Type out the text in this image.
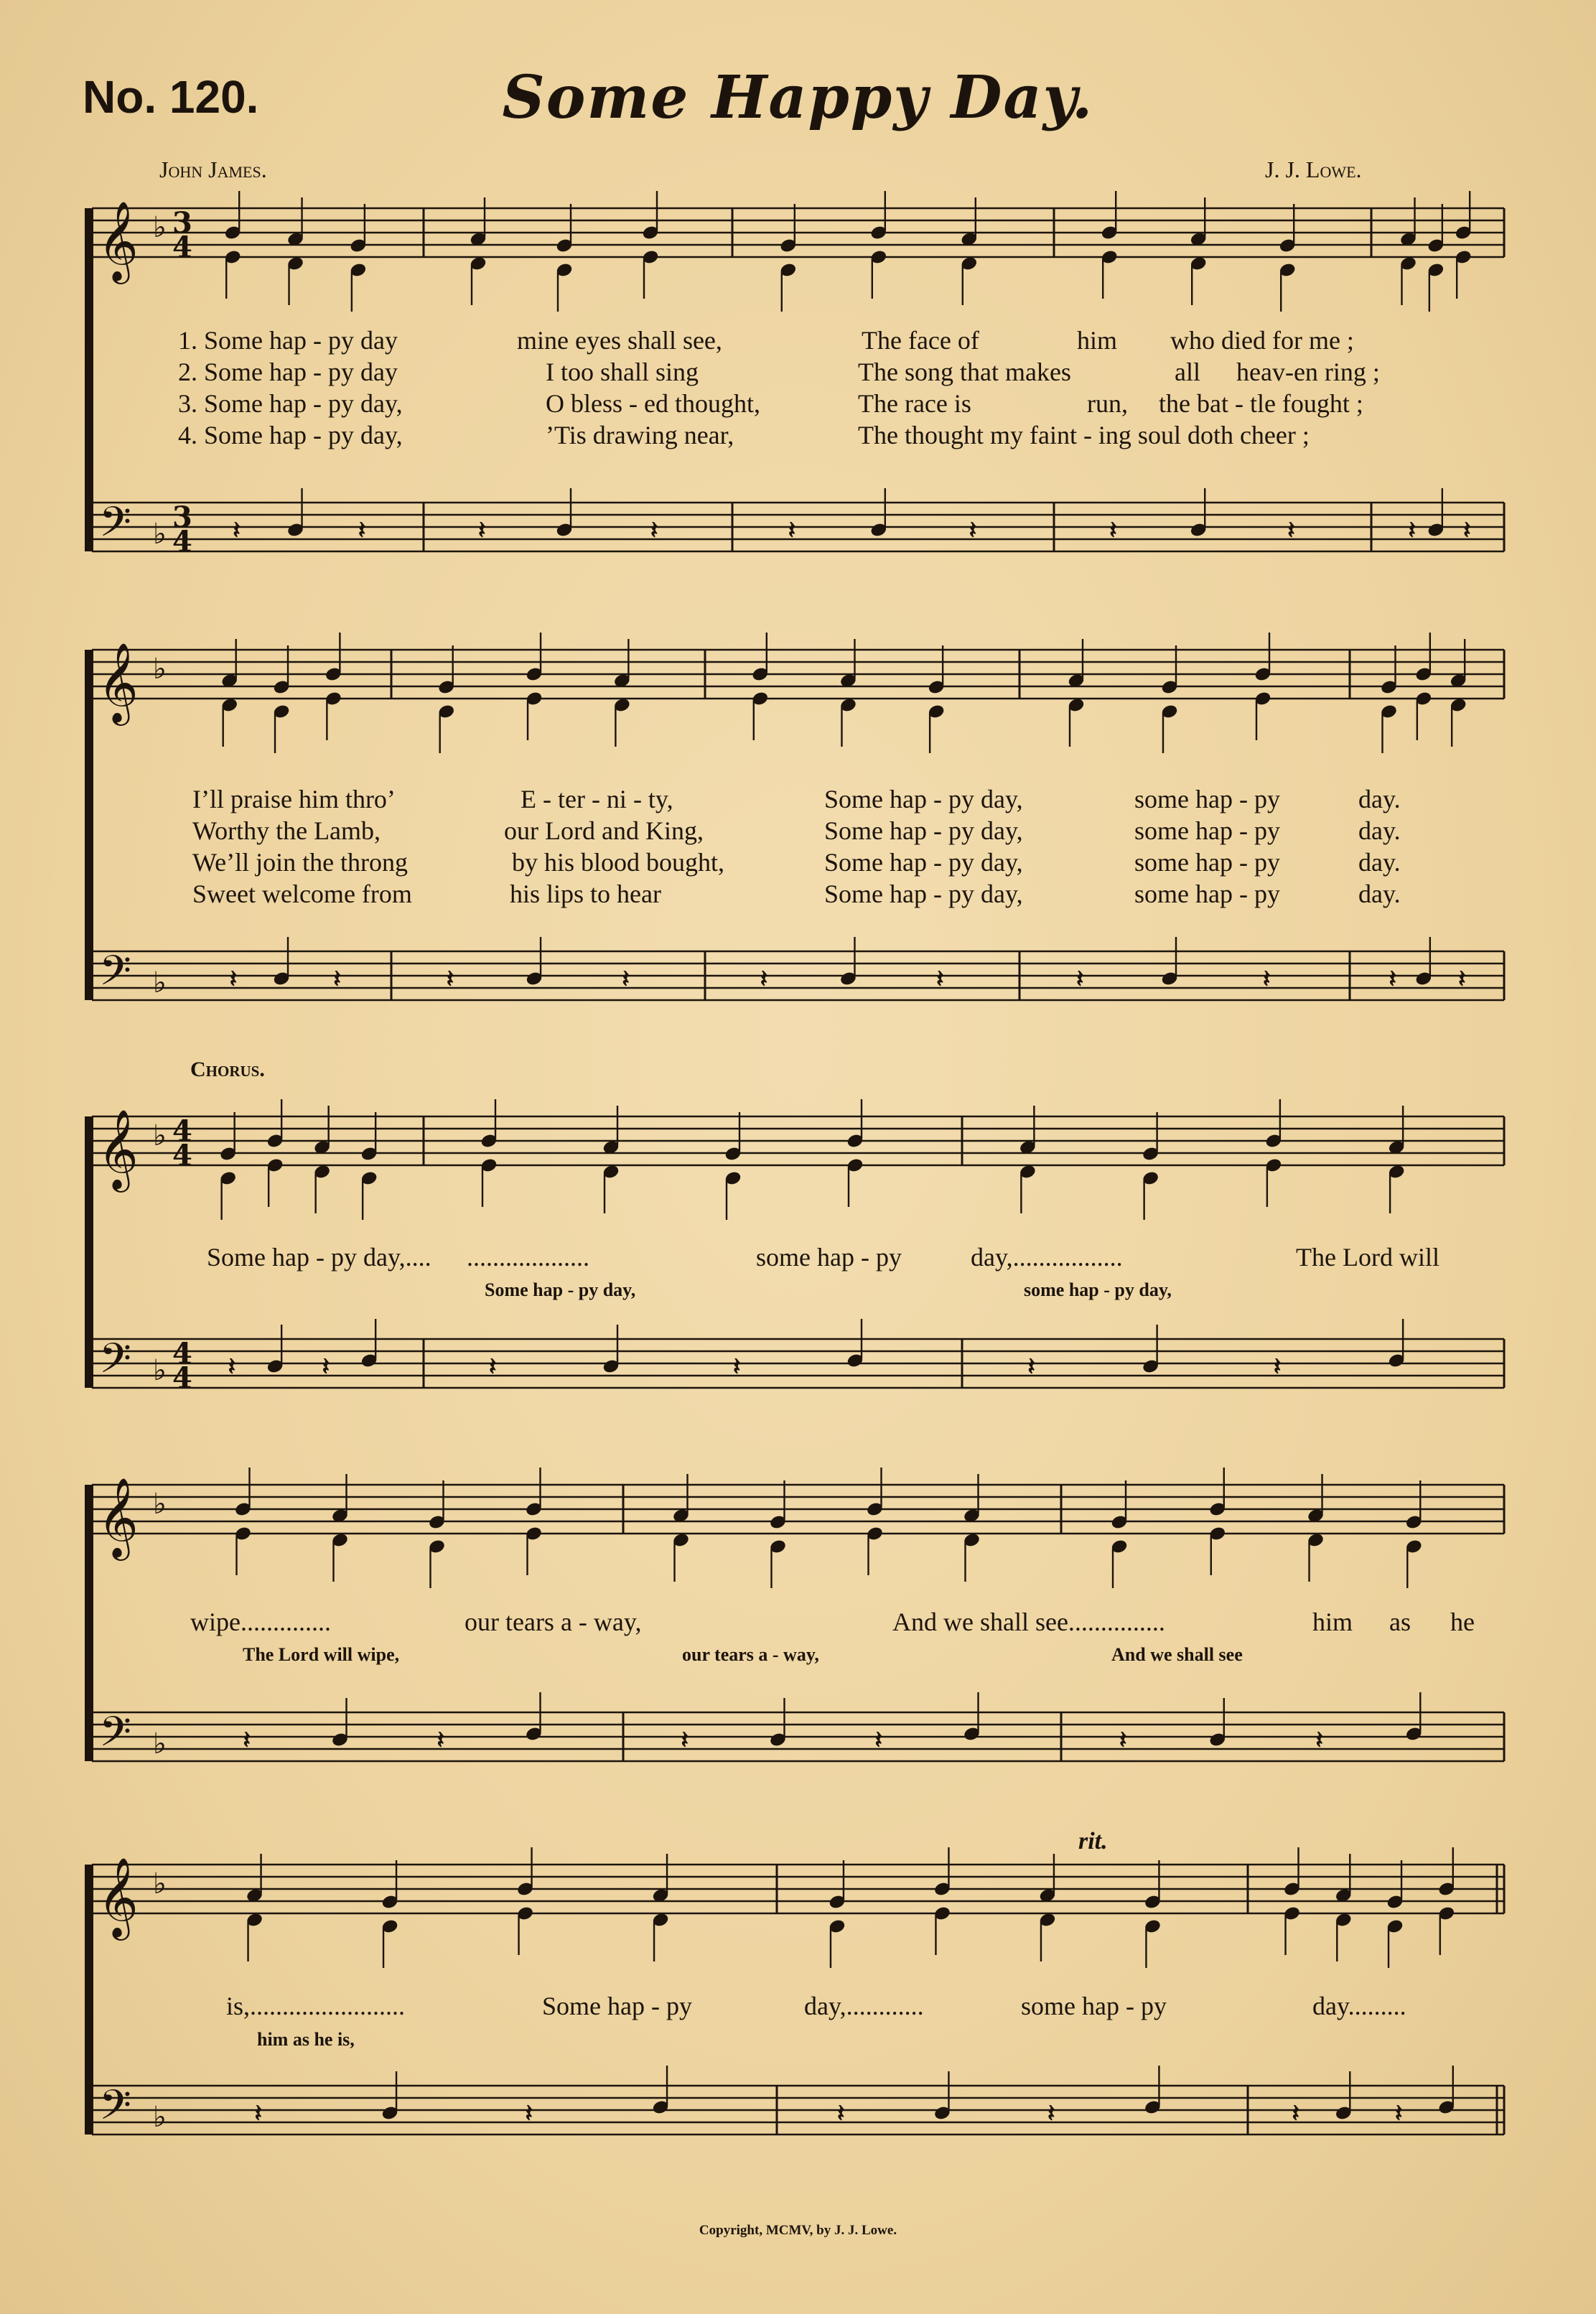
No. 120.	Some Happy Day.
John James.	J. J. Lowe.
1. Some hap - py day	mine eyes shall see,	The face of	him who died for me ;
2. Some hap - py day	I too shall sing	The song that makes	all heav-en ring ;
3. Some hap - py day,	O bless - ed thought,	The race is	run, the bat - tle fought ;
4. Some hap - py day,	’Tis drawing near,	The thought my faint - ing soul doth cheer ;
I’ll praise him thro’	E - ter - ni - ty,	Some hap - py day,	some hap - py	day.
Worthy the Lamb,	our Lord and King,	Some hap - py day,	some hap - py	day.
We’ll join the throng	by his blood bought,	Some hap - py day,	some hap - py	day.
Sweet welcome from	his lips to hear	Some hap - py day,	some hap - py	day.
Chorus.
Some hap - py day,.... ...................	some hap - py	day,.................	The Lord will
Some hap - py day,	some hap - py day,
wipe..............	our tears a - way,	And we shall see...............	him as he
The Lord will wipe,	our tears a - way,	And we shall see
rit.
is,........................	Some hap - py	day,............	some hap - py	day.........
him as he is,
Copyright, MCMV, by J. J. Lowe.
𝄞
𝄢
♭
♭
3
4
3
4 𝄽	𝄽	𝄽	𝄽	𝄽	𝄽	𝄽	𝄽	𝄽 𝄽
𝄞
𝄢
♭
♭	𝄽	𝄽	𝄽	𝄽	𝄽	𝄽	𝄽	𝄽	𝄽	𝄽
𝄞
𝄢
♭
♭
4
4
4
4 𝄽	𝄽	𝄽	𝄽	𝄽	𝄽
𝄞
𝄢
♭
♭	𝄽	𝄽	𝄽	𝄽	𝄽	𝄽
𝄞
𝄢
♭
♭	𝄽	𝄽	𝄽	𝄽	𝄽	𝄽
